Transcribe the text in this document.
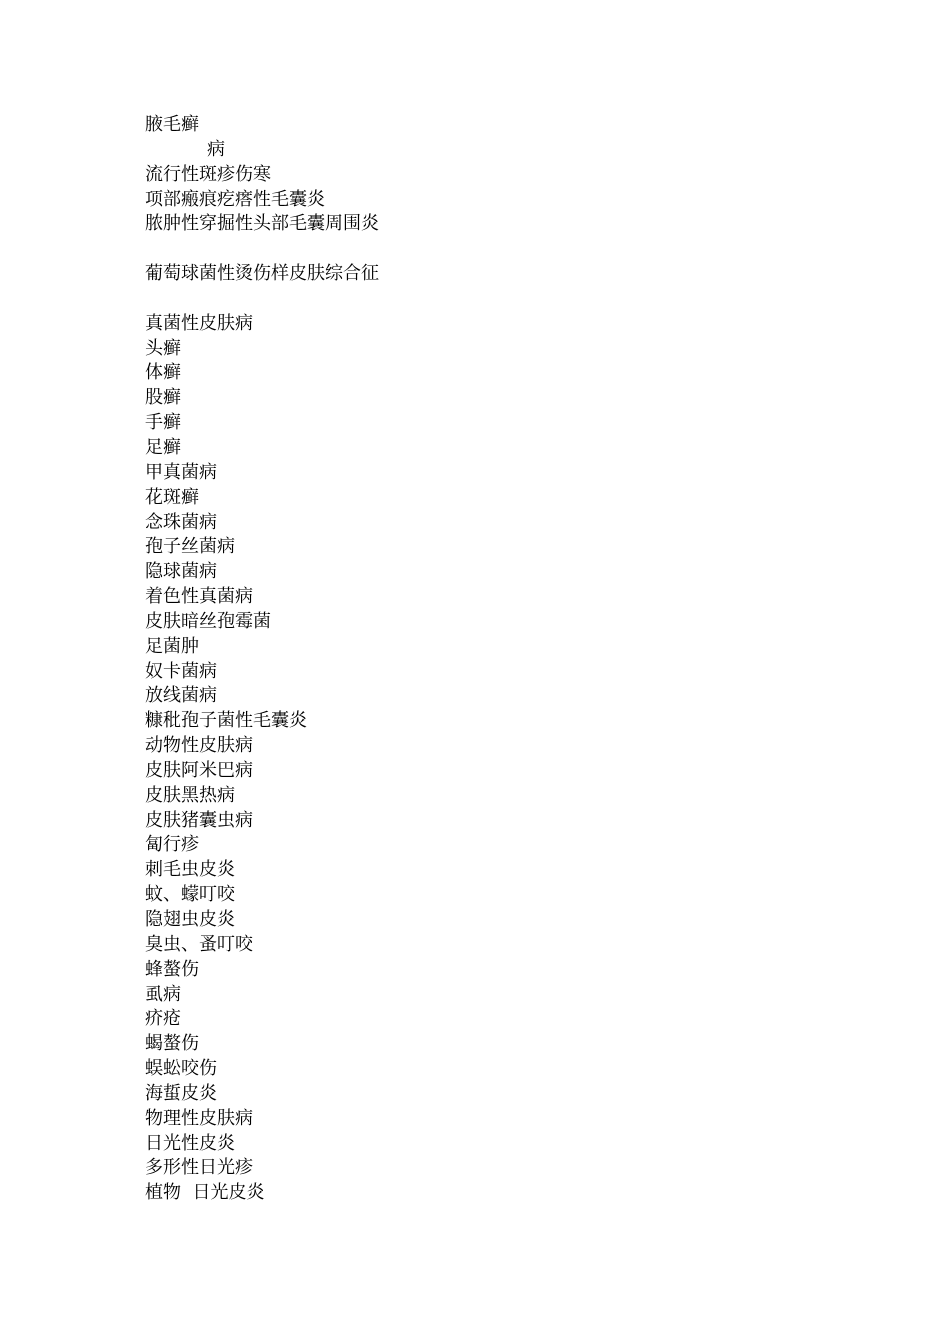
腋毛癣
病
流行性斑疹伤寒
项部瘢痕疙瘩性毛囊炎
脓肿性穿掘性头部毛囊周围炎
葡萄球菌性烫伤样皮肤综合征
真菌性皮肤病
头癣
体癣
股癣
手癣
足癣
甲真菌病
花斑癣
念珠菌病
孢子丝菌病
隐球菌病
着色性真菌病
皮肤暗丝孢霉菌
足菌肿
奴卡菌病
放线菌病
糠秕孢子菌性毛囊炎
动物性皮肤病
皮肤阿米巴病
皮肤黑热病
皮肤猪囊虫病
匐行疹
刺毛虫皮炎
蚊、蠓叮咬
隐翅虫皮炎
臭虫、蚤叮咬
蜂螯伤
虱病
疥疮
蝎螯伤
蜈蚣咬伤
海蜇皮炎
物理性皮肤病
日光性皮炎
多形性日光疹
植物  日光皮炎
